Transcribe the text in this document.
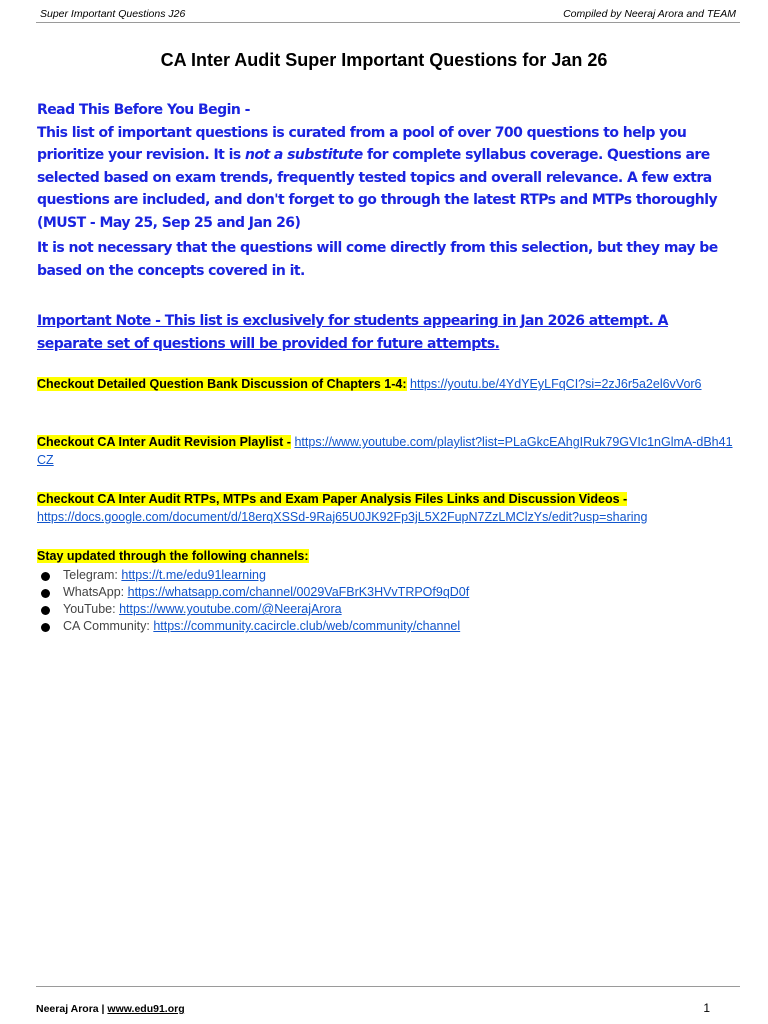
Super Important Questions J26	Compiled by Neeraj Arora and TEAM
CA Inter Audit Super Important Questions for Jan 26
Read This Before You Begin -
This list of important questions is curated from a pool of over 700 questions to help you prioritize your revision. It is not a substitute for complete syllabus coverage. Questions are selected based on exam trends, frequently tested topics and overall relevance. A few extra questions are included, and don't forget to go through the latest RTPs and MTPs thoroughly (MUST - May 25, Sep 25 and Jan 26)
It is not necessary that the questions will come directly from this selection, but they may be based on the concepts covered in it.
Important Note - This list is exclusively for students appearing in Jan 2026 attempt. A separate set of questions will be provided for future attempts.
Checkout Detailed Question Bank Discussion of Chapters 1-4: https://youtu.be/4YdYEyLFqCI?si=2zJ6r5a2el6vVor6
Checkout CA Inter Audit Revision Playlist - https://www.youtube.com/playlist?list=PLaGkcEAhgIRuk79GVIc1nGlmA-dBh41CZ
Checkout CA Inter Audit RTPs, MTPs and Exam Paper Analysis Files Links and Discussion Videos -
https://docs.google.com/document/d/18erqXSSd-9Raj65U0JK92Fp3jL5X2FupN7ZzLMClzYs/edit?usp=sharing
Stay updated through the following channels:
Telegram: https://t.me/edu91learning
WhatsApp: https://whatsapp.com/channel/0029VaFBrK3HVvTRPOf9qD0f
YouTube: https://www.youtube.com/@NeerajArora
CA Community: https://community.cacircle.club/web/community/channel
Neeraj Arora | www.edu91.org	1
